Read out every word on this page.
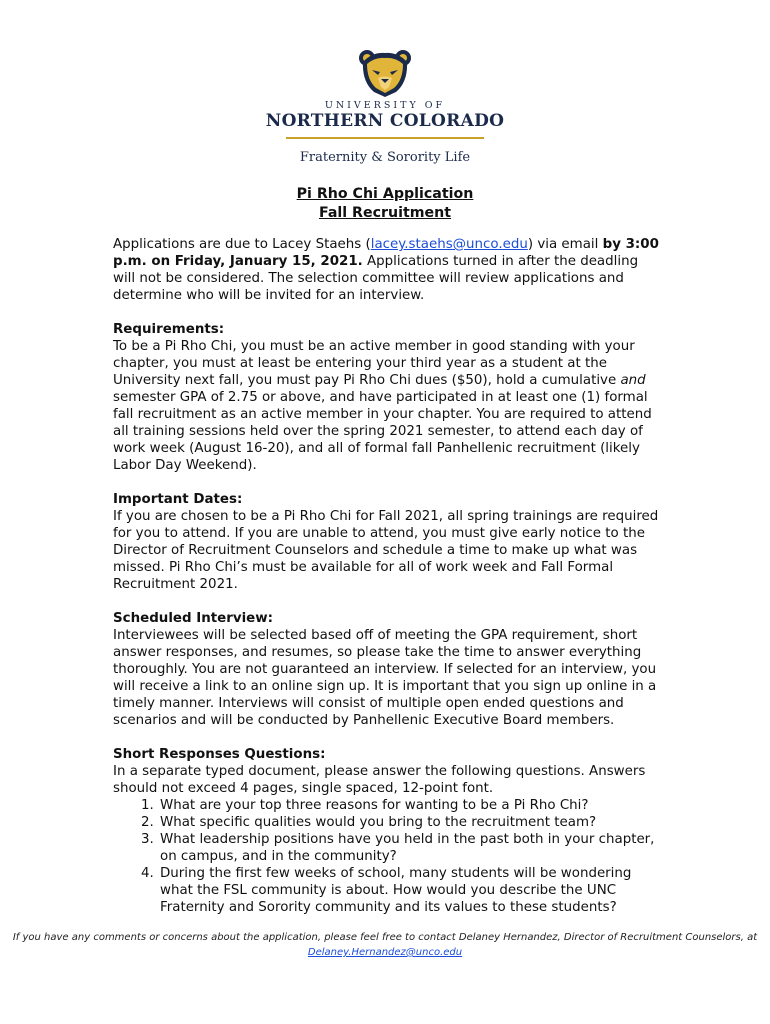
UNIVERSITY OF
NORTHERN COLORADO
Fraternity & Sorority Life
Pi Rho Chi Application
Fall Recruitment

Applications are due to Lacey Staehs (lacey.staehs@unco.edu) via email by 3:00 p.m. on Friday, January 15, 2021. Applications turned in after the deadling will not be considered. The selection committee will review applications and determine who will be invited for an interview.

Requirements:
To be a Pi Rho Chi, you must be an active member in good standing with your chapter, you must at least be entering your third year as a student at the University next fall, you must pay Pi Rho Chi dues ($50), hold a cumulative and semester GPA of 2.75 or above, and have participated in at least one (1) formal fall recruitment as an active member in your chapter. You are required to attend all training sessions held over the spring 2021 semester, to attend each day of work week (August 16-20), and all of formal fall Panhellenic recruitment (likely Labor Day Weekend).

Important Dates:
If you are chosen to be a Pi Rho Chi for Fall 2021, all spring trainings are required for you to attend. If you are unable to attend, you must give early notice to the Director of Recruitment Counselors and schedule a time to make up what was missed. Pi Rho Chi’s must be available for all of work week and Fall Formal Recruitment 2021.

Scheduled Interview:
Interviewees will be selected based off of meeting the GPA requirement, short answer responses, and resumes, so please take the time to answer everything thoroughly. You are not guaranteed an interview. If selected for an interview, you will receive a link to an online sign up. It is important that you sign up online in a timely manner. Interviews will consist of multiple open ended questions and scenarios and will be conducted by Panhellenic Executive Board members.

Short Responses Questions:
In a separate typed document, please answer the following questions. Answers should not exceed 4 pages, single spaced, 12-point font.
1. What are your top three reasons for wanting to be a Pi Rho Chi?
2. What specific qualities would you bring to the recruitment team?
3. What leadership positions have you held in the past both in your chapter, on campus, and in the community?
4. During the first few weeks of school, many students will be wondering what the FSL community is about. How would you describe the UNC Fraternity and Sorority community and its values to these students?
If you have any comments or concerns about the application, please feel free to contact Delaney Hernandez, Director of Recruitment Counselors, at Delaney.Hernandez@unco.edu
